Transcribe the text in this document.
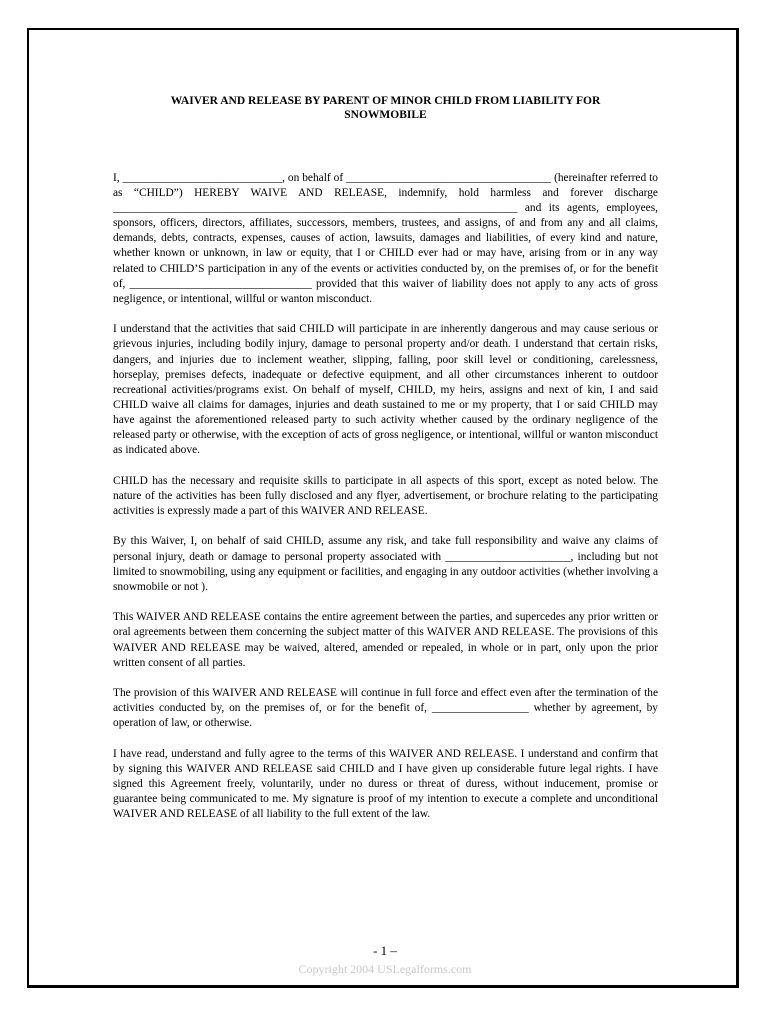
WAIVER AND RELEASE BY PARENT OF MINOR CHILD FROM LIABILITY FOR
SNOWMOBILE

I, ____________________________, on behalf of ____________________________________ (hereinafter referred to as “CHILD”) HEREBY WAIVE AND RELEASE, indemnify, hold harmless and forever discharge _______________________________________________________________________ and its agents, employees, sponsors, officers, directors, affiliates, successors, members, trustees, and assigns, of and from any and all claims, demands, debts, contracts, expenses, causes of action, lawsuits, damages and liabilities, of every kind and nature, whether known or unknown, in law or equity, that I or CHILD ever had or may have, arising from or in any way related to CHILD’S participation in any of the events or activities conducted by, on the premises of, or for the benefit of, ________________________________ provided that this waiver of liability does not apply to any acts of gross negligence, or intentional, willful or wanton misconduct.

I understand that the activities that said CHILD will participate in are inherently dangerous and may cause serious or grievous injuries, including bodily injury, damage to personal property and/or death. I understand that certain risks, dangers, and injuries due to inclement weather, slipping, falling, poor skill level or conditioning, carelessness, horseplay, premises defects, inadequate or defective equipment, and all other circumstances inherent to outdoor recreational activities/programs exist. On behalf of myself, CHILD, my heirs, assigns and next of kin, I and said CHILD waive all claims for damages, injuries and death sustained to me or my property, that I or said CHILD may have against the aforementioned released party to such activity whether caused by the ordinary negligence of the released party or otherwise, with the exception of acts of gross negligence, or intentional, willful or wanton misconduct as indicated above.

CHILD has the necessary and requisite skills to participate in all aspects of this sport, except as noted below. The nature of the activities has been fully disclosed and any flyer, advertisement, or brochure relating to the participating activities is expressly made a part of this WAIVER AND RELEASE.

By this Waiver, I, on behalf of said CHILD, assume any risk, and take full responsibility and waive any claims of personal injury, death or damage to personal property associated with ______________________, including but not limited to snowmobiling, using any equipment or facilities, and engaging in any outdoor activities (whether involving a snowmobile or not ).

This WAIVER AND RELEASE contains the entire agreement between the parties, and supercedes any prior written or oral agreements between them concerning the subject matter of this WAIVER AND RELEASE. The provisions of this WAIVER AND RELEASE may be waived, altered, amended or repealed, in whole or in part, only upon the prior written consent of all parties.

The provision of this WAIVER AND RELEASE will continue in full force and effect even after the termination of the activities conducted by, on the premises of, or for the benefit of, _________________ whether by agreement, by operation of law, or otherwise.

I have read, understand and fully agree to the terms of this WAIVER AND RELEASE. I understand and confirm that by signing this WAIVER AND RELEASE said CHILD and I have given up considerable future legal rights. I have signed this Agreement freely, voluntarily, under no duress or threat of duress, without inducement, promise or guarantee being communicated to me. My signature is proof of my intention to execute a complete and unconditional WAIVER AND RELEASE of all liability to the full extent of the law.

- 1 –
Copyright 2004 USLegalforms.com
